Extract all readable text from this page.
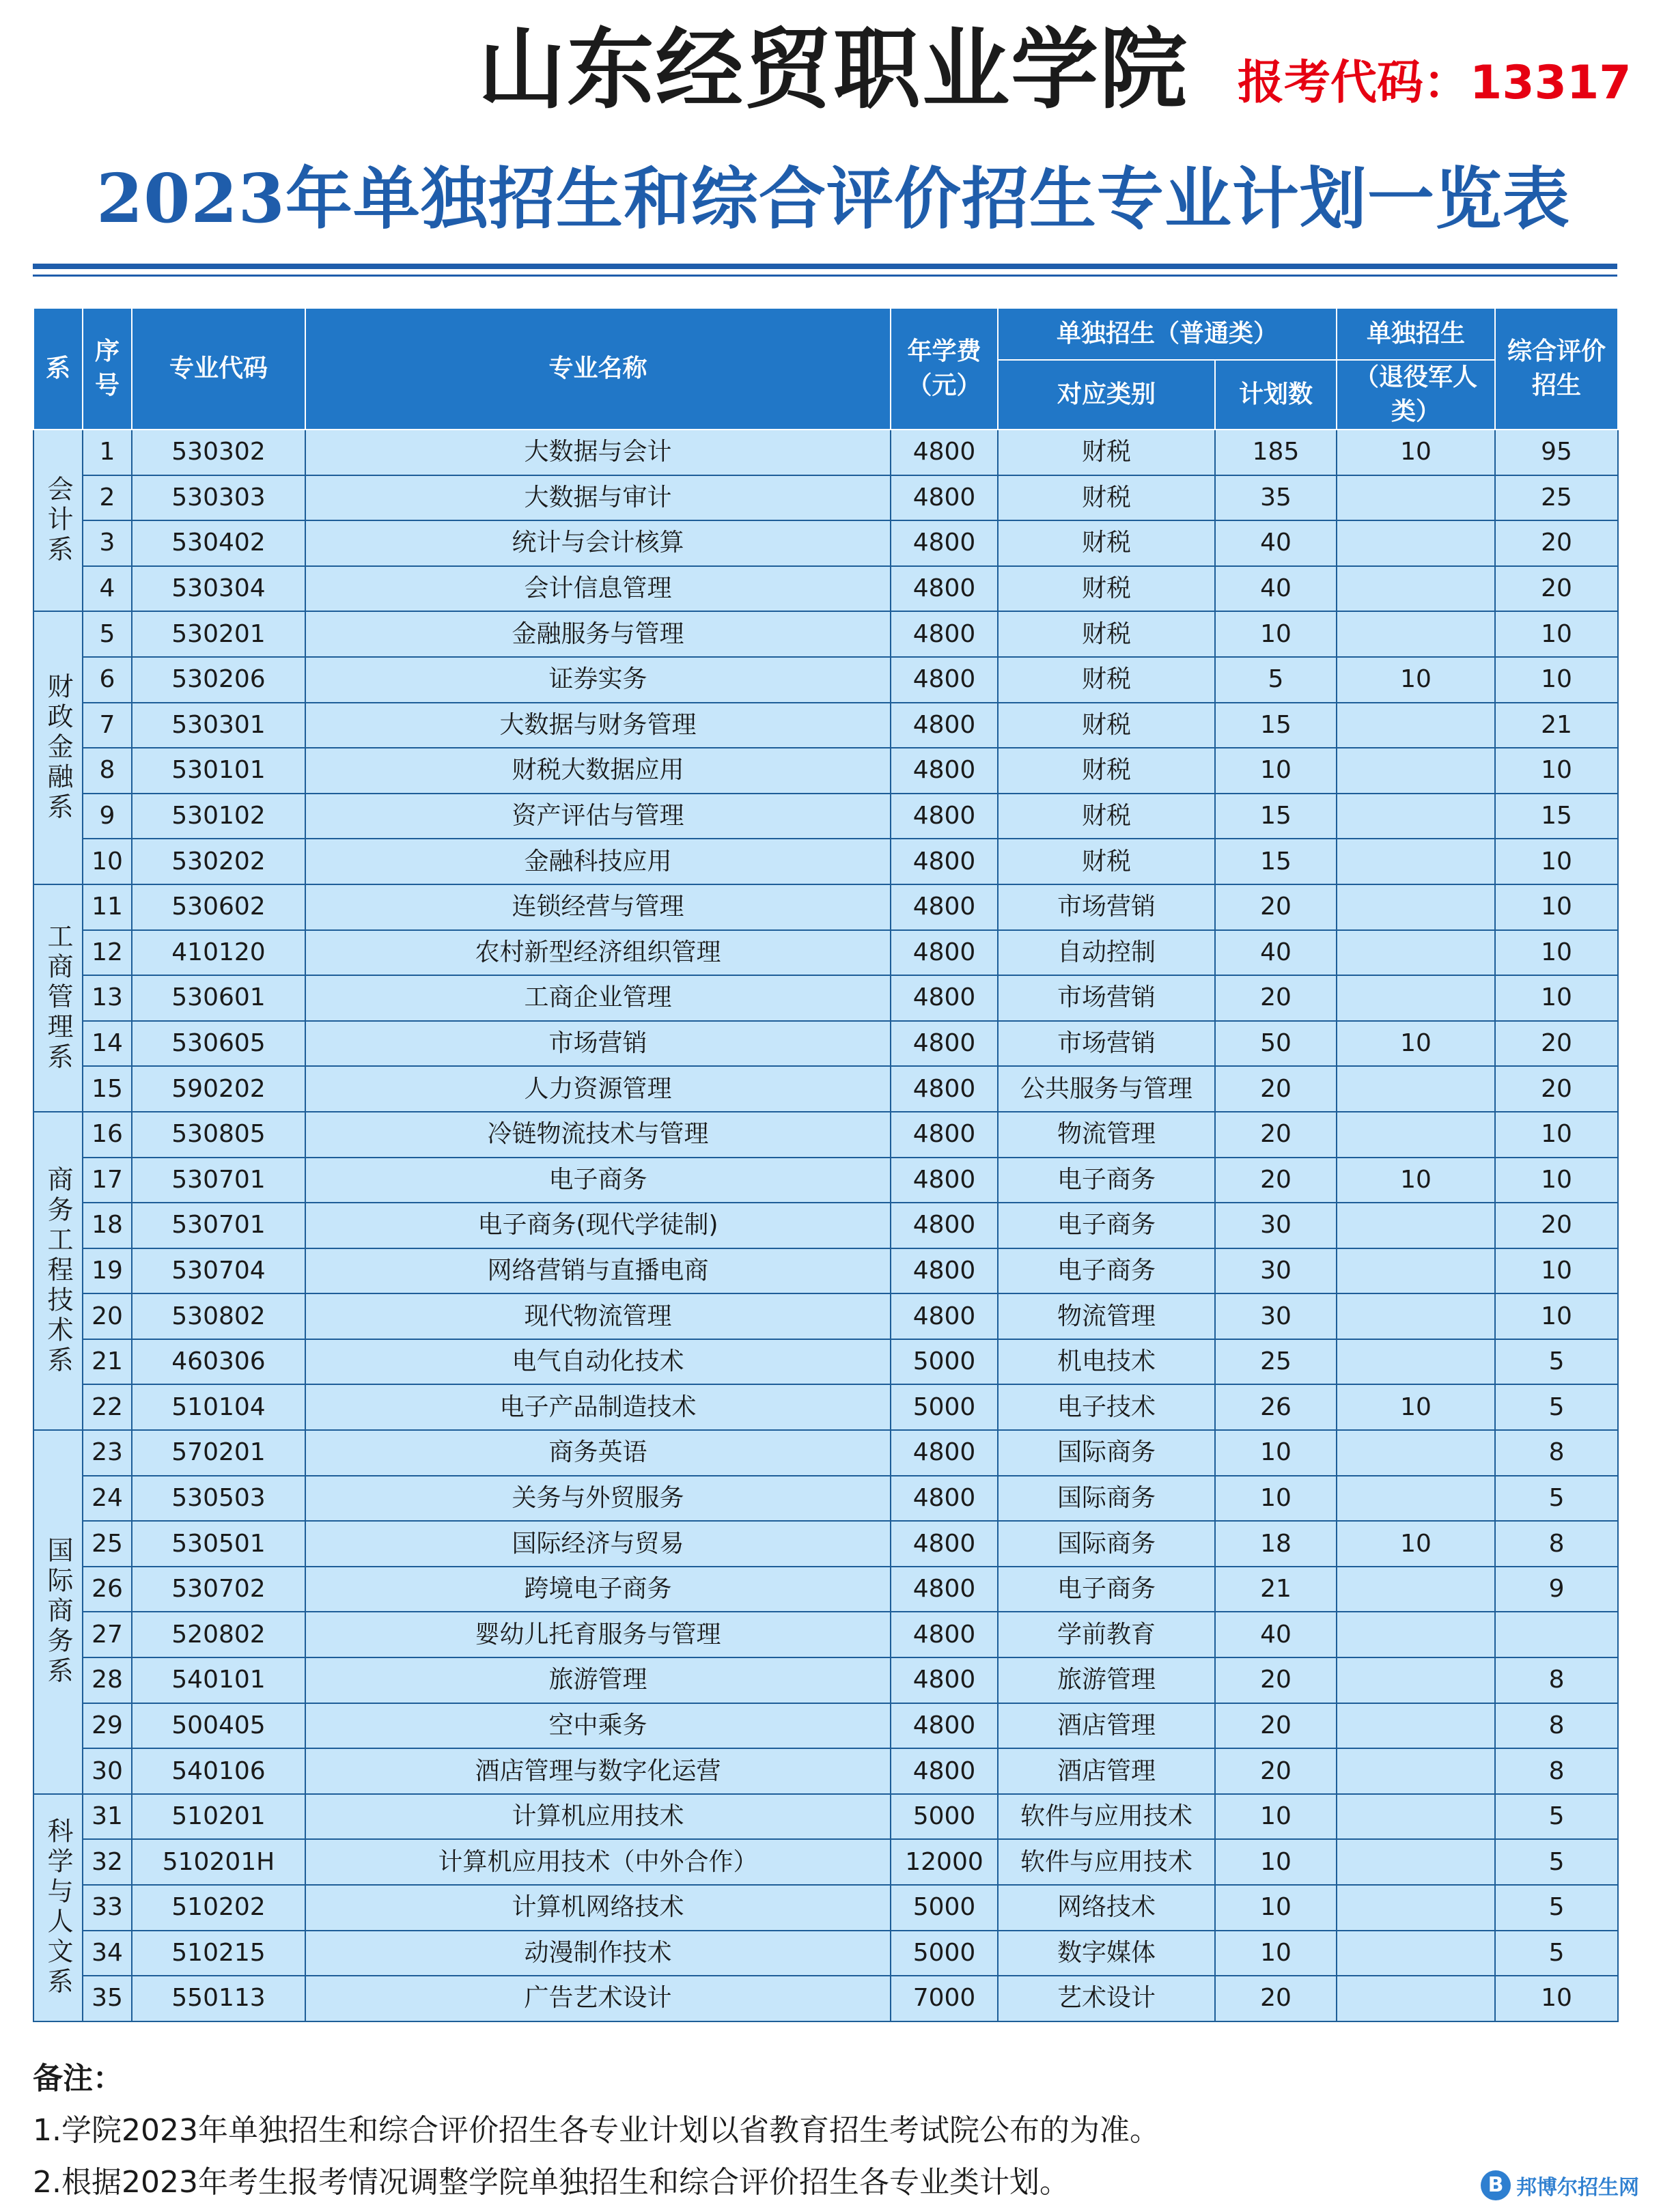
山东经贸职业学院 报考代码：13317
2023年单独招生和综合评价招生专业计划一览表
系	序号	专业代码	专业名称	年学费（元）	单独招生（普通类）		单独招生	综合评价招生
					对应类别	计划数	（退役军人类）	
会计系	1	530302	大数据与会计	4800	财税	185	10	95
	2	530303	大数据与审计	4800	财税	35		25
	3	530402	统计与会计核算	4800	财税	40		20
	4	530304	会计信息管理	4800	财税	40		20
财政金融系	5	530201	金融服务与管理	4800	财税	10		10
	6	530206	证券实务	4800	财税	5	10	10
	7	530301	大数据与财务管理	4800	财税	15		21
	8	530101	财税大数据应用	4800	财税	10		10
	9	530102	资产评估与管理	4800	财税	15		15
	10	530202	金融科技应用	4800	财税	15		10
工商管理系	11	530602	连锁经营与管理	4800	市场营销	20		10
	12	410120	农村新型经济组织管理	4800	自动控制	40		10
	13	530601	工商企业管理	4800	市场营销	20		10
	14	530605	市场营销	4800	市场营销	50	10	20
	15	590202	人力资源管理	4800	公共服务与管理	20		20
商务工程技术系	16	530805	冷链物流技术与管理	4800	物流管理	20		10
	17	530701	电子商务	4800	电子商务	20	10	10
	18	530701	电子商务(现代学徒制)	4800	电子商务	30		20
	19	530704	网络营销与直播电商	4800	电子商务	30		10
	20	530802	现代物流管理	4800	物流管理	30		10
	21	460306	电气自动化技术	5000	机电技术	25		5
	22	510104	电子产品制造技术	5000	电子技术	26	10	5
国际商务系	23	570201	商务英语	4800	国际商务	10		8
	24	530503	关务与外贸服务	4800	国际商务	10		5
	25	530501	国际经济与贸易	4800	国际商务	18	10	8
	26	530702	跨境电子商务	4800	电子商务	21		9
	27	520802	婴幼儿托育服务与管理	4800	学前教育	40		
	28	540101	旅游管理	4800	旅游管理	20		8
	29	500405	空中乘务	4800	酒店管理	20		8
	30	540106	酒店管理与数字化运营	4800	酒店管理	20		8
科学与人文系	31	510201	计算机应用技术	5000	软件与应用技术	10		5
	32	510201H	计算机应用技术（中外合作）	12000	软件与应用技术	10		5
	33	510202	计算机网络技术	5000	网络技术	10		5
	34	510215	动漫制作技术	5000	数字媒体	10		5
	35	550113	广告艺术设计	7000	艺术设计	20		10
备注：
1.学院2023年单独招生和综合评价招生各专业计划以省教育招生考试院公布的为准。
2.根据2023年考生报考情况调整学院单独招生和综合评价招生各专业类计划。	B 邦博尔招生网
